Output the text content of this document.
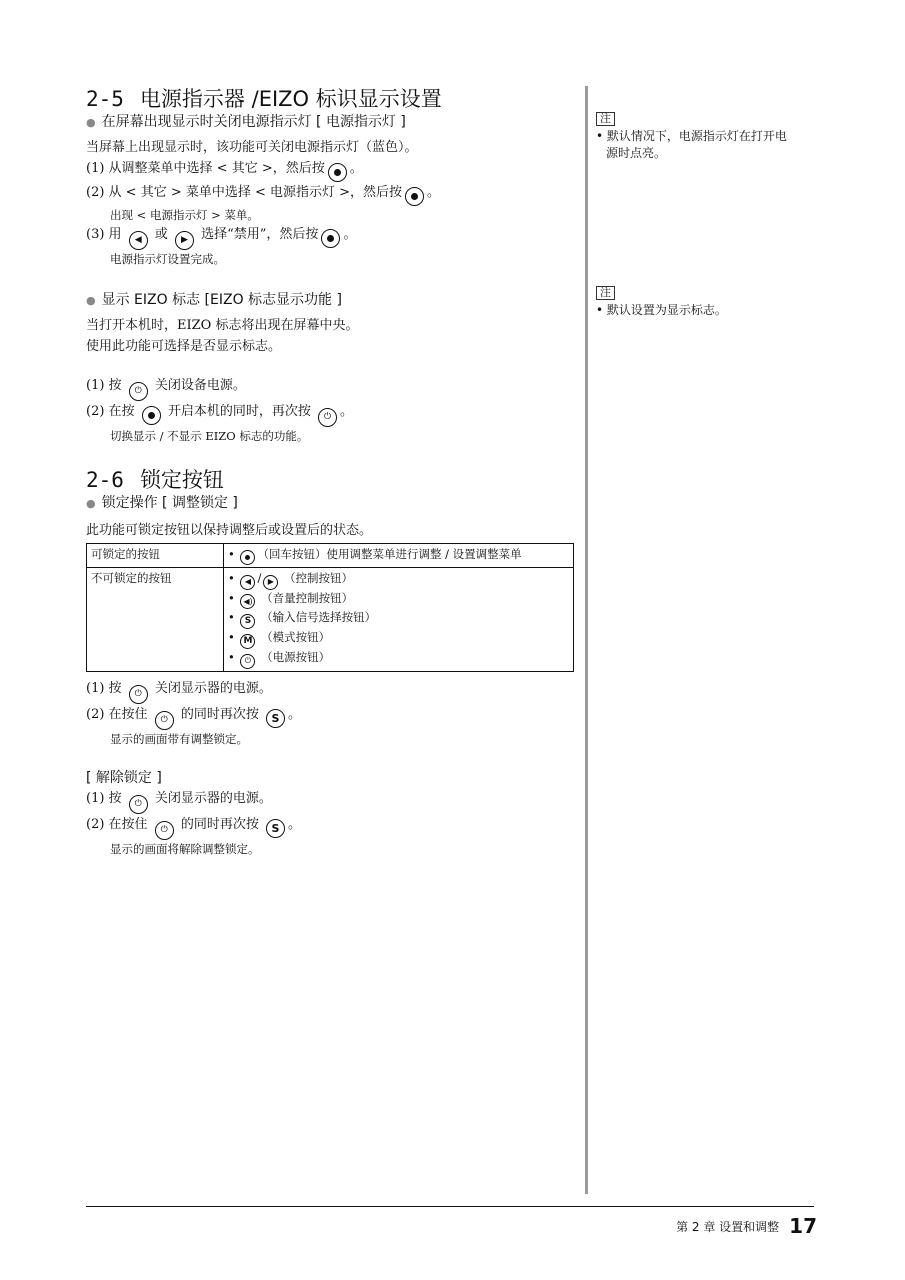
2-5 电源指示器 /EIZO 标识显示设置

● 在屏幕出现显示时关闭电源指示灯 [ 电源指示灯 ]

当屏幕上出现显示时，该功能可关闭电源指示灯（蓝色）。

(1) 从调整菜单中选择 < 其它 >，然后按 。

(2) 从 < 其它 > 菜单中选择 < 电源指示灯 >，然后按 。

出现 < 电源指示灯 > 菜单。

(3) 用 ◀ 或 ▶ 选择“禁用”，然后按 。

电源指示灯设置完成。

● 显示 EIZO 标志 [EIZO 标志显示功能 ]

当打开本机时，EIZO 标志将出现在屏幕中央。

使用此功能可选择是否显示标志。

(1) 按 ⏻ 关闭设备电源。

(2) 在按	开启本机的同时，再次按 ⏻ 。

切换显示 / 不显示 EIZO 标志的功能。

2-6 锁定按钮

● 锁定操作 [ 调整锁定 ]

此功能可锁定按钮以保持调整后或设置后的状态。

可锁定的按钮	•
（回车按钮）使用调整菜单进行调整 / 设置调整菜单

不可锁定的按钮	• ◀ / ▶ （控制按钮）
• ◀) （音量控制按钮）
• S （输入信号选择按钮）
• M （模式按钮）
• ⏻ （电源按钮）

(1) 按 ⏻ 关闭显示器的电源。

(2) 在按住 ⏻ 的同时再次按 S 。

显示的画面带有调整锁定。

[ 解除锁定 ]

(1) 按 ⏻ 关闭显示器的电源。

(2) 在按住 ⏻ 的同时再次按 S 。

显示的画面将解除调整锁定。

注
• 默认情况下，电源指示灯在打开电
源时点亮。
注
• 默认设置为显示标志。
第 2 章 设置和调整 17
